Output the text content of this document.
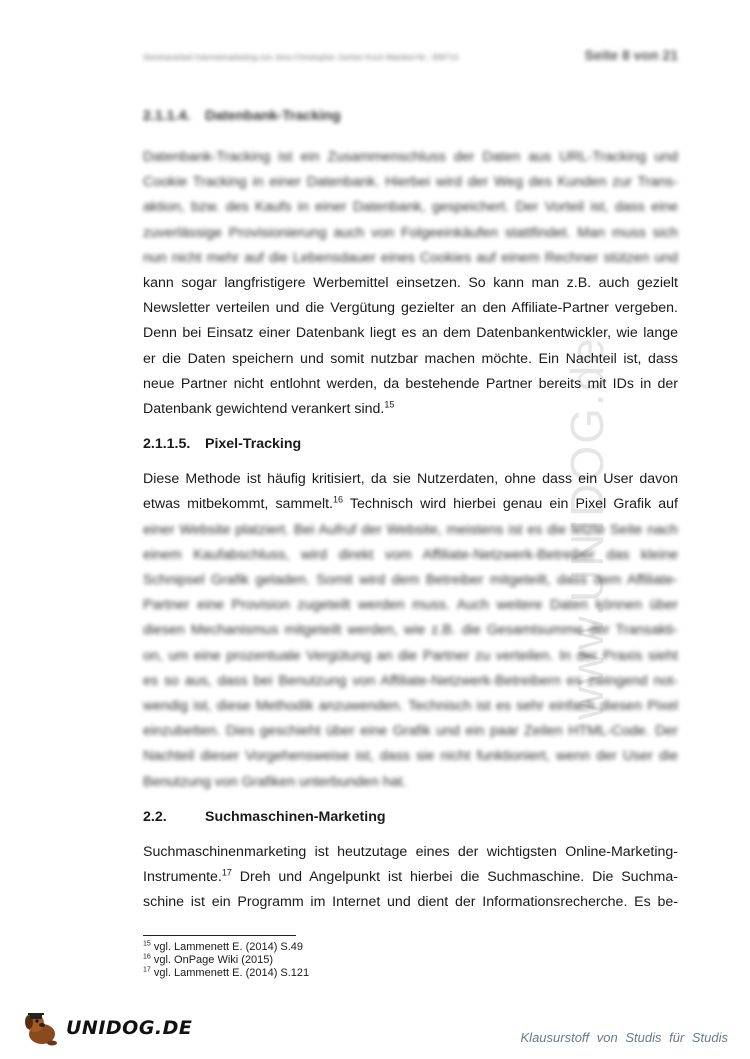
Seminararbeit Internetmarketing von Jens-Christopher Jochen Koch Matrikel-Nr.: 309714	Seite 8 von 21
www.UNIDOG.de
2.1.1.4. Datenbank-Tracking
Datenbank-Tracking ist ein Zusammenschluss der Daten aus URL-Tracking und
Cookie Tracking in einer Datenbank. Hierbei wird der Weg des Kunden zur Trans-
aktion, bzw. des Kaufs in einer Datenbank, gespeichert. Der Vorteil ist, dass eine
zuverlässige Provisionierung auch von Folgeeinkäufen stattfindet. Man muss sich
nun nicht mehr auf die Lebensdauer eines Cookies auf einem Rechner stützen und
kann sogar langfristigere Werbemittel einsetzen. So kann man z.B. auch gezielt
Newsletter verteilen und die Vergütung gezielter an den Affiliate-Partner vergeben.
Denn bei Einsatz einer Datenbank liegt es an dem Datenbankentwickler, wie lange
er die Daten speichern und somit nutzbar machen möchte. Ein Nachteil ist, dass
neue Partner nicht entlohnt werden, da bestehende Partner bereits mit IDs in der
Datenbank gewichtend verankert sind.$^{15}$
2.1.1.5. Pixel-Tracking
Diese Methode ist häufig kritisiert, da sie Nutzerdaten, ohne dass ein User davon
etwas mitbekommt, sammelt.$^{16}$ Technisch wird hierbei genau ein Pixel Grafik auf
einer Website platziert. Bei Aufruf der Website, meistens ist es die letzte Seite nach
einem Kaufabschluss, wird direkt vom Affiliate-Netzwerk-Betreiber das kleine
Schnipsel Grafik geladen. Somit wird dem Betreiber mitgeteilt, dass dem Affiliate-
Partner eine Provision zugeteilt werden muss. Auch weitere Daten können über
diesen Mechanismus mitgeteilt werden, wie z.B. die Gesamtsumme der Transakti-
on, um eine prozentuale Vergütung an die Partner zu verteilen. In der Praxis sieht
es so aus, dass bei Benutzung von Affiliate-Netzwerk-Betreibern es zwingend not-
wendig ist, diese Methodik anzuwenden. Technisch ist es sehr einfach diesen Pixel
einzubetten. Dies geschieht über eine Grafik und ein paar Zeilen HTML-Code. Der
Nachteil dieser Vorgehensweise ist, dass sie nicht funktioniert, wenn der User die
Benutzung von Grafiken unterbunden hat.
2.2.	Suchmaschinen-Marketing
Suchmaschinenmarketing ist heutzutage eines der wichtigsten Online-Marketing-
Instrumente.$^{17}$ Dreh und Angelpunkt ist hierbei die Suchmaschine. Die Suchma-
schine ist ein Programm im Internet und dient der Informationsrecherche. Es be-
$^{15}$ vgl. Lammenett E. (2014) S.49
$^{16}$ vgl. OnPage Wiki (2015)
$^{17}$ vgl. Lammenett E. (2014) S.121
UNIDOG.DE	Klausurstoff von Studis für Studis
